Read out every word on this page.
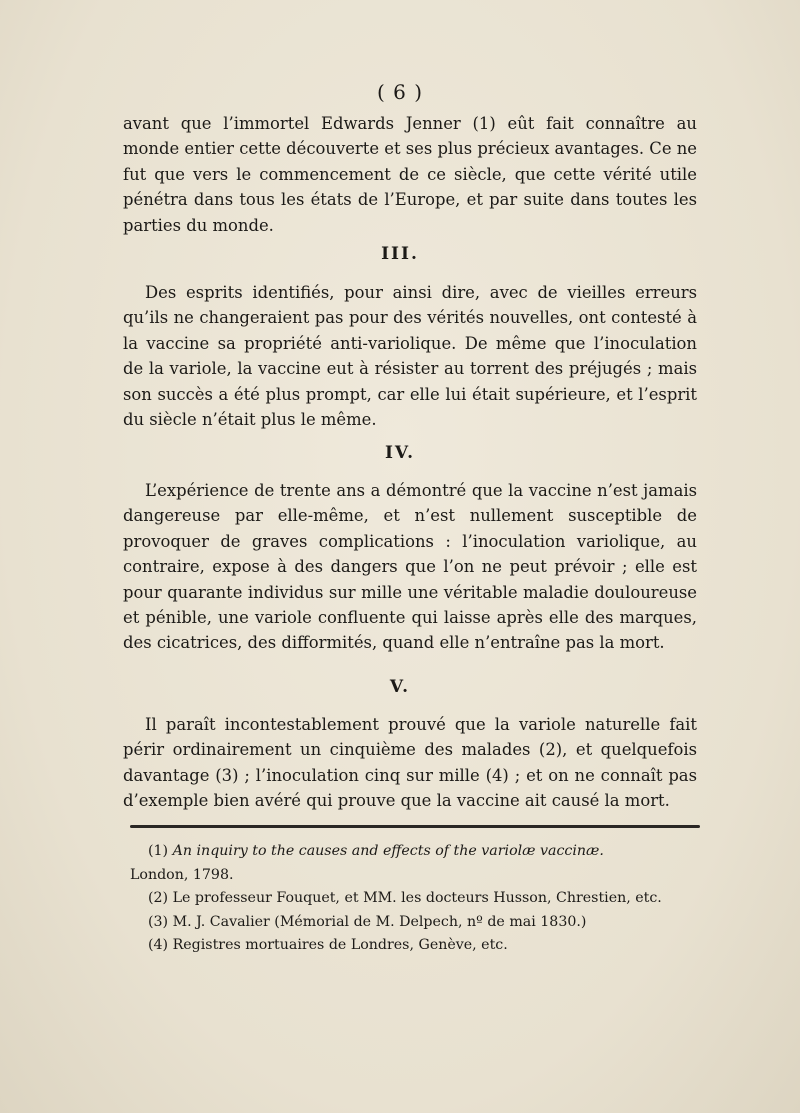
( 6 )
avant que l’immortel Edwards Jenner (1) eût fait connaître au monde entier cette découverte et ses plus précieux avantages. Ce ne fut que vers le commencement de ce siècle, que cette vérité utile pénétra dans tous les états de l’Europe, et par suite dans toutes les parties du monde.
III.
Des esprits identifiés, pour ainsi dire, avec de vieilles erreurs qu’ils ne changeraient pas pour des vérités nouvelles, ont contesté à la vaccine sa propriété anti-variolique. De même que l’inoculation de la variole, la vaccine eut à résister au torrent des préjugés ; mais son succès a été plus prompt, car elle lui était supérieure, et l’esprit du siècle n’était plus le même.
IV.
L’expérience de trente ans a démontré que la vaccine n’est jamais dangereuse par elle-même, et n’est nullement susceptible de provoquer de graves complications : l’inoculation variolique, au contraire, expose à des dangers que l’on ne peut prévoir ; elle est pour quarante individus sur mille une véritable maladie douloureuse et pénible, une variole confluente qui laisse après elle des marques, des cicatrices, des difformités, quand elle n’entraîne pas la mort.
V.
Il paraît incontestablement prouvé que la variole naturelle fait périr ordinairement un cinquième des malades (2), et quelquefois davantage (3) ; l’inoculation cinq sur mille (4) ; et on ne connaît pas d’exemple bien avéré qui prouve que la vaccine ait causé la mort.
(1) An inquiry to the causes and effects of the variolæ vaccinæ.
London, 1798.
(2) Le professeur Fouquet, et MM. les docteurs Husson, Chrestien, etc.
(3) M. J. Cavalier (Mémorial de M. Delpech, nº de mai 1830.)
(4) Registres mortuaires de Londres, Genève, etc.
